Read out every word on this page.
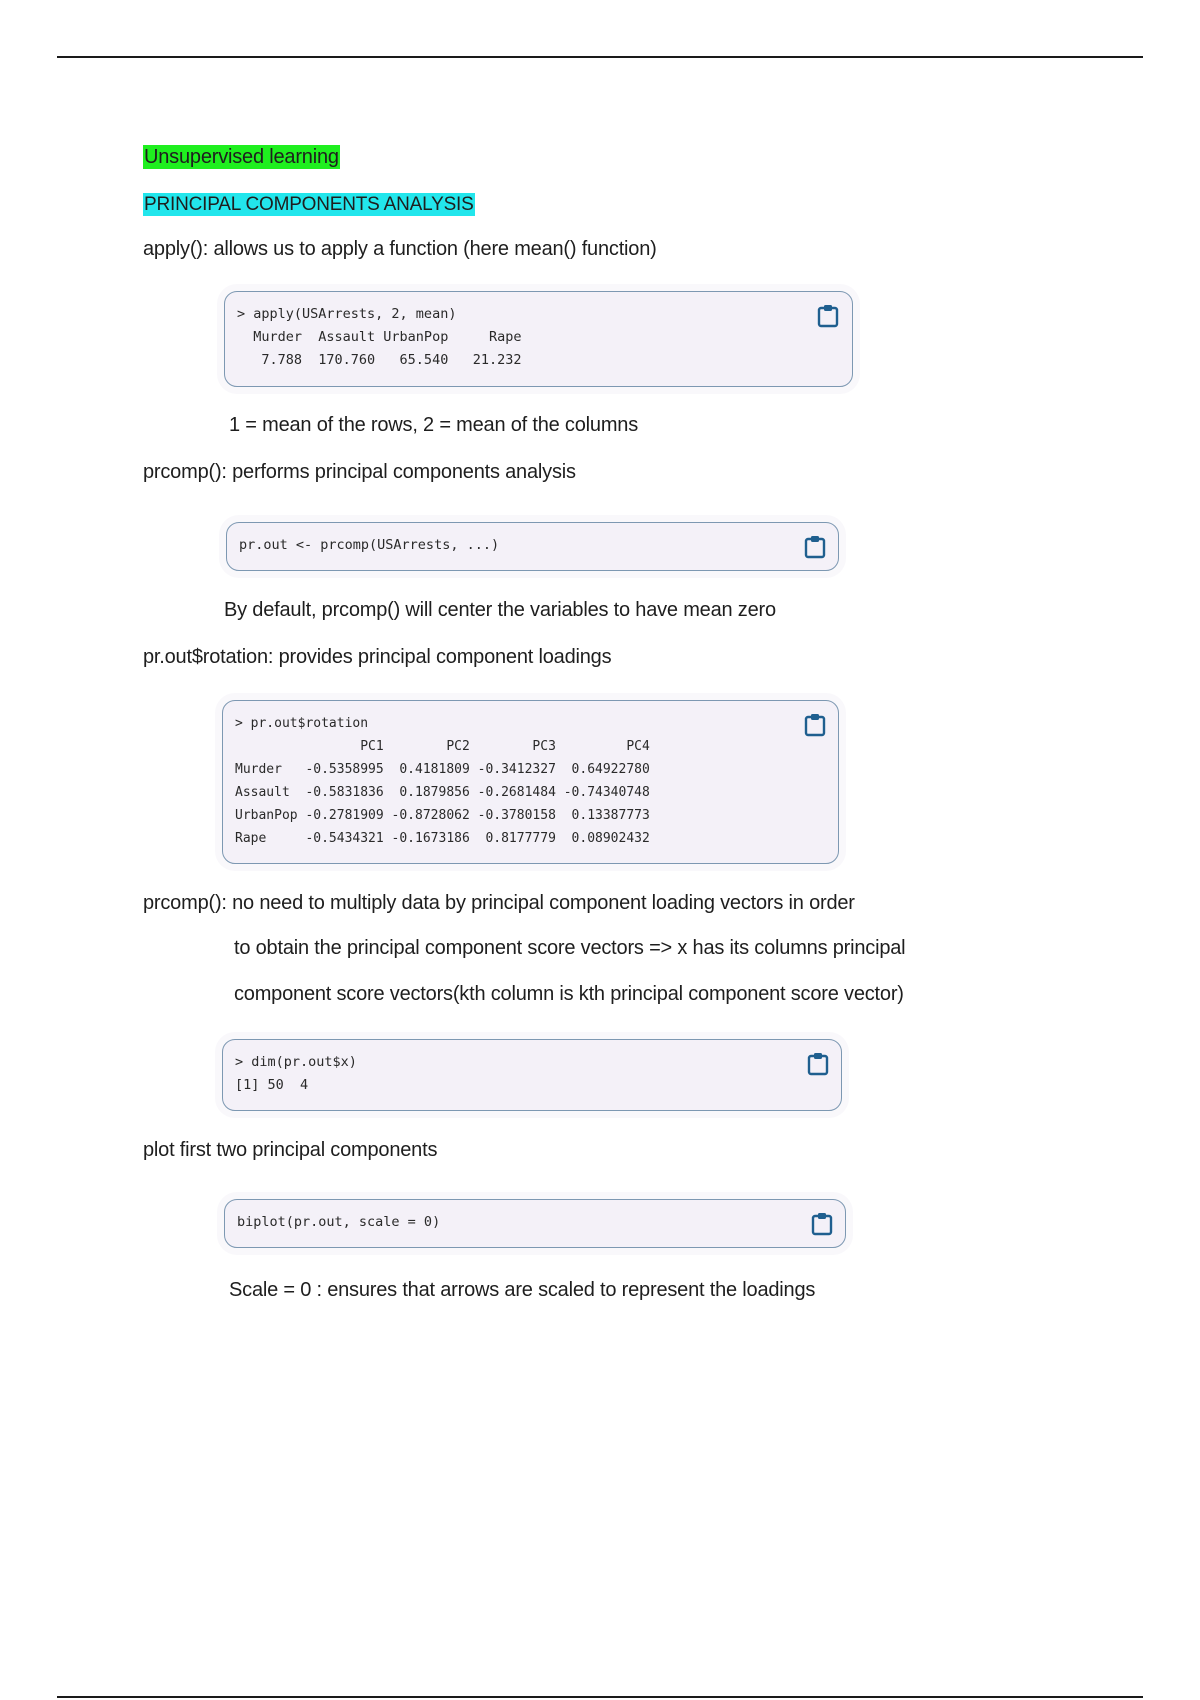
Unsupervised learning
PRINCIPAL COMPONENTS ANALYSIS
apply(): allows us to apply a function (here mean() function)
> apply(USArrests, 2, mean)
Murder  Assault UrbanPop     Rape
7.788  170.760   65.540   21.232
1 = mean of the rows, 2 = mean of the columns
prcomp(): performs principal components analysis
pr.out <- prcomp(USArrests, ...)
By default, prcomp() will center the variables to have mean zero
pr.out$rotation: provides principal component loadings
> pr.out$rotation
PC1        PC2        PC3         PC4
Murder   -0.5358995  0.4181809 -0.3412327  0.64922780
Assault  -0.5831836  0.1879856 -0.2681484 -0.74340748
UrbanPop -0.2781909 -0.8728062 -0.3780158  0.13387773
Rape     -0.5434321 -0.1673186  0.8177779  0.08902432
prcomp(): no need to multiply data by principal component loading vectors in order
to obtain the principal component score vectors => x has its columns principal
component score vectors(kth column is kth principal component score vector)
> dim(pr.out$x)
[1] 50  4
plot first two principal components
biplot(pr.out, scale = 0)
Scale = 0 : ensures that arrows are scaled to represent the loadings
